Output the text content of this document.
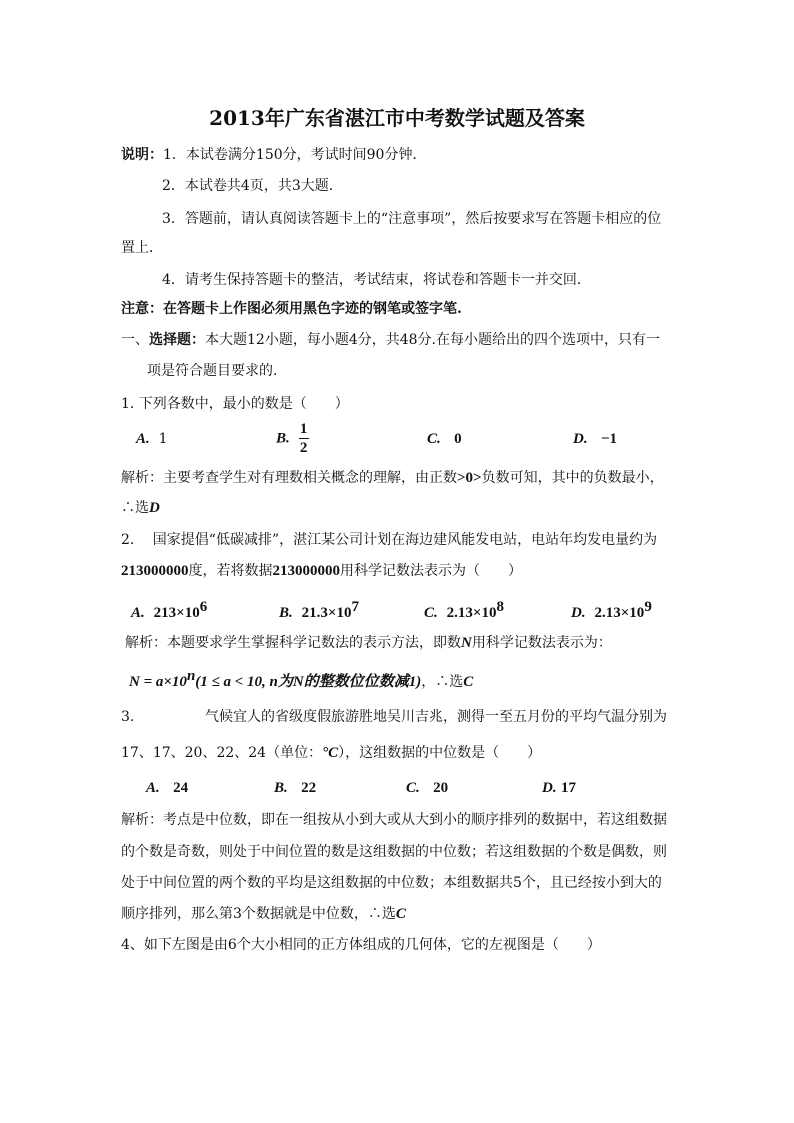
2013年广东省湛江市中考数学试题及答案
说明：1．本试卷满分150分，考试时间90分钟．
2．本试卷共4页，共3大题．
3．答题前，请认真阅读答题卡上的“注意事项”，然后按要求写在答题卡相应的位
置上．
4．请考生保持答题卡的整洁，考试结束，将试卷和答题卡一并交回．
注意：在答题卡上作图必须用黑色字迹的钢笔或签字笔.
一、选择题：本大题12小题，每小题4分，共48分.在每小题给出的四个选项中，只有一
项是符合题目要求的.
1. 下列各数中，最小的数是（　　）
A. 1	B. $\frac{1}{2}$	C. 0	D. −1
解析：主要考查学生对有理数相关概念的理解，由正数>0>负数可知，其中的负数最小，
∴选D
2.　 国家提倡“低碳减排”，湛江某公司计划在海边建风能发电站，电站年均发电量约为
213000000度，若将数据213000000用科学记数法表示为（　　）
A. $213\times 10^6$	B. $21.3\times 10^7$	C. $2.13\times 10^8$	D. $2.13\times 10^9$
解析：本题要求学生掌握科学记数法的表示方法，即数N用科学记数法表示为：
$N = a\times 10^n(1 \le a < 10$, n为N的整数位位数减1)，∴选C
3.	气候宜人的省级度假旅游胜地吴川吉兆，测得一至五月份的平均气温分别为
17、17、20、22、24（单位：°C），这组数据的中位数是（　　）
A. 24	B. 22	C. 20	D. 17
解析：考点是中位数，即在一组按从小到大或从大到小的顺序排列的数据中，若这组数据
的个数是奇数，则处于中间位置的数是这组数据的中位数；若这组数据的个数是偶数，则
处于中间位置的两个数的平均是这组数据的中位数；本组数据共5个，且已经按小到大的
顺序排列，那么第3个数据就是中位数，∴选C
4、如下左图是由6个大小相同的正方体组成的几何体，它的左视图是（　　）
